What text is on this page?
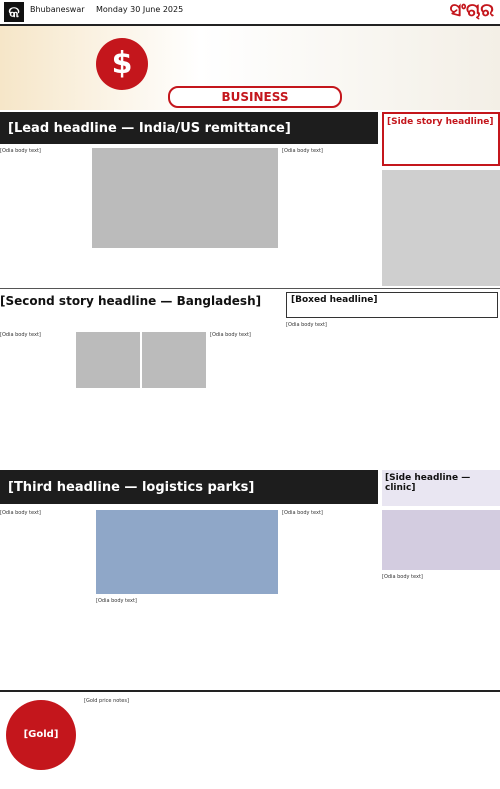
କ	Bhubaneswar Monday 30 June 2025	ସଂଚାର
$
BUSINESS
[Lead headline — India/US remittance]	[Side story headline]
[Odia body text]	[Odia body text]
[Second story headline — Bangladesh]	[Boxed headline]
[Odia body text]	[Odia body text]
[Odia body text]
[Third headline — logistics parks]
[Side headline — clinic]
[Odia body text]
[Odia body text]
[Odia body text]
[Odia body text]
[Gold]
[Gold price notes]
